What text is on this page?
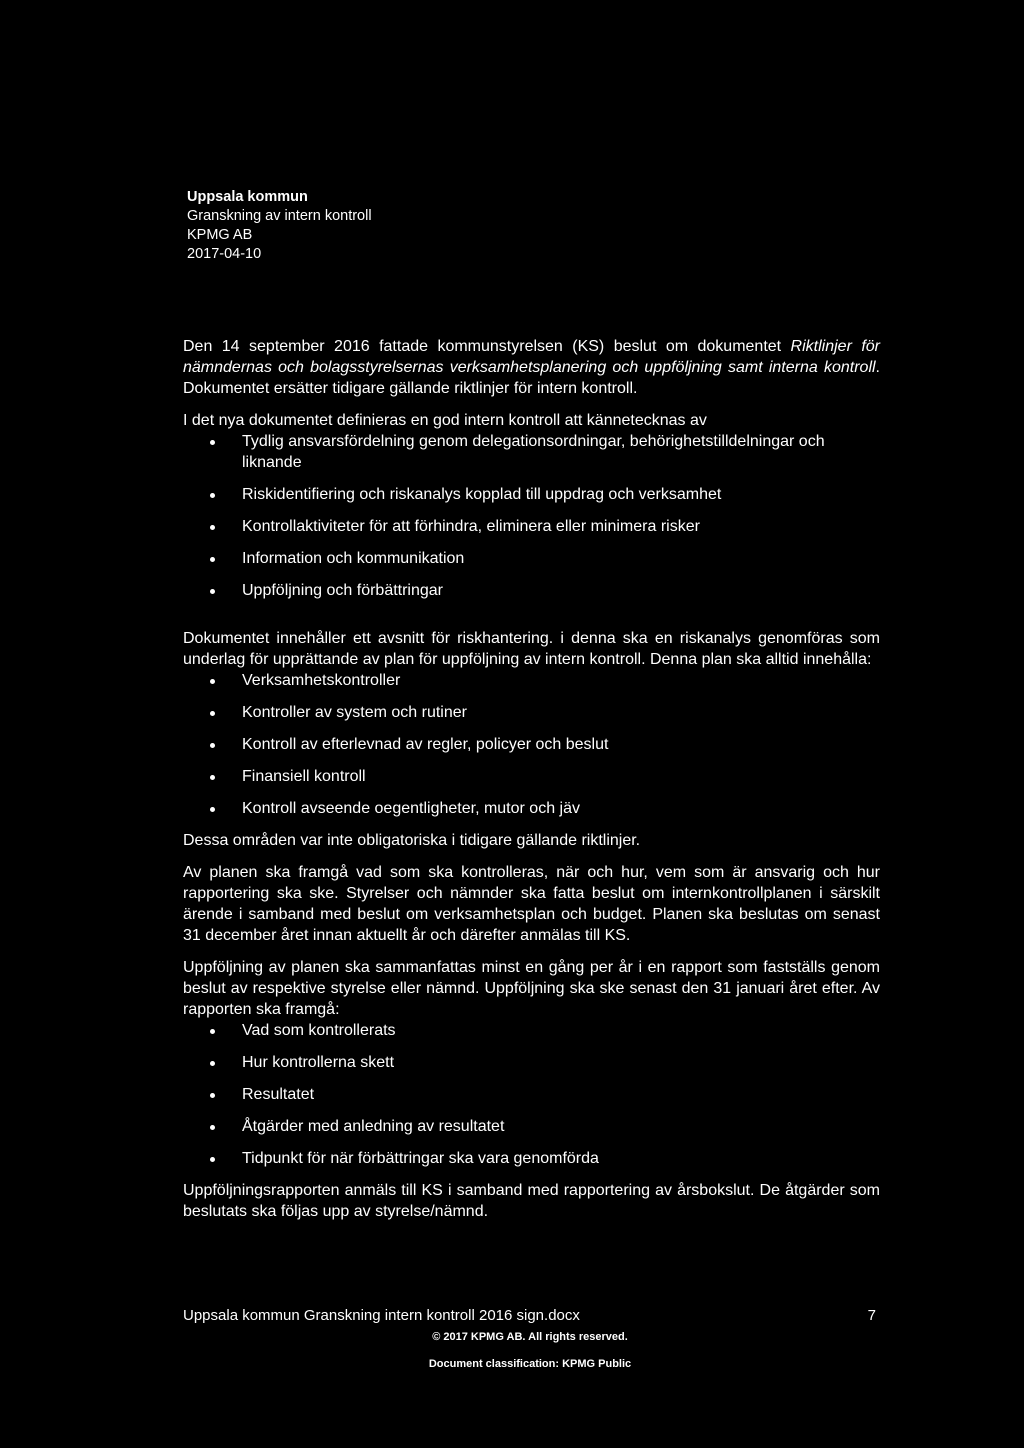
Uppsala kommun
Granskning av intern kontroll
KPMG AB
2017-04-10

Den 14 september 2016 fattade kommunstyrelsen (KS) beslut om dokumentet Riktlinjer för nämndernas och bolagsstyrelsernas verksamhetsplanering och uppföljning samt interna kontroll. Dokumentet ersätter tidigare gällande riktlinjer för intern kontroll.

I det nya dokumentet definieras en god intern kontroll att kännetecknas av

Tydlig ansvarsfördelning genom delegationsordningar, behörighetstilldelningar och liknande
Riskidentifiering och riskanalys kopplad till uppdrag och verksamhet
Kontrollaktiviteter för att förhindra, eliminera eller minimera risker
Information och kommunikation
Uppföljning och förbättringar

Dokumentet innehåller ett avsnitt för riskhantering. i denna ska en riskanalys genomföras som underlag för upprättande av plan för uppföljning av intern kontroll. Denna plan ska alltid innehålla:

Verksamhetskontroller
Kontroller av system och rutiner
Kontroll av efterlevnad av regler, policyer och beslut
Finansiell kontroll
Kontroll avseende oegentligheter, mutor och jäv

Dessa områden var inte obligatoriska i tidigare gällande riktlinjer.

Av planen ska framgå vad som ska kontrolleras, när och hur, vem som är ansvarig och hur rapportering ska ske. Styrelser och nämnder ska fatta beslut om internkontrollplanen i särskilt ärende i samband med beslut om verksamhetsplan och budget. Planen ska beslutas om senast 31 december året innan aktuellt år och därefter anmälas till KS.

Uppföljning av planen ska sammanfattas minst en gång per år i en rapport som fastställs genom beslut av respektive styrelse eller nämnd. Uppföljning ska ske senast den 31 januari året efter. Av rapporten ska framgå:

Vad som kontrollerats
Hur kontrollerna skett
Resultatet
Åtgärder med anledning av resultatet
Tidpunkt för när förbättringar ska vara genomförda

Uppföljningsrapporten anmäls till KS i samband med rapportering av årsbokslut. De åtgärder som beslutats ska följas upp av styrelse/nämnd.

Uppsala kommun Granskning intern kontroll 2016 sign.docx	7
© 2017 KPMG AB. All rights reserved.
Document classification: KPMG Public
